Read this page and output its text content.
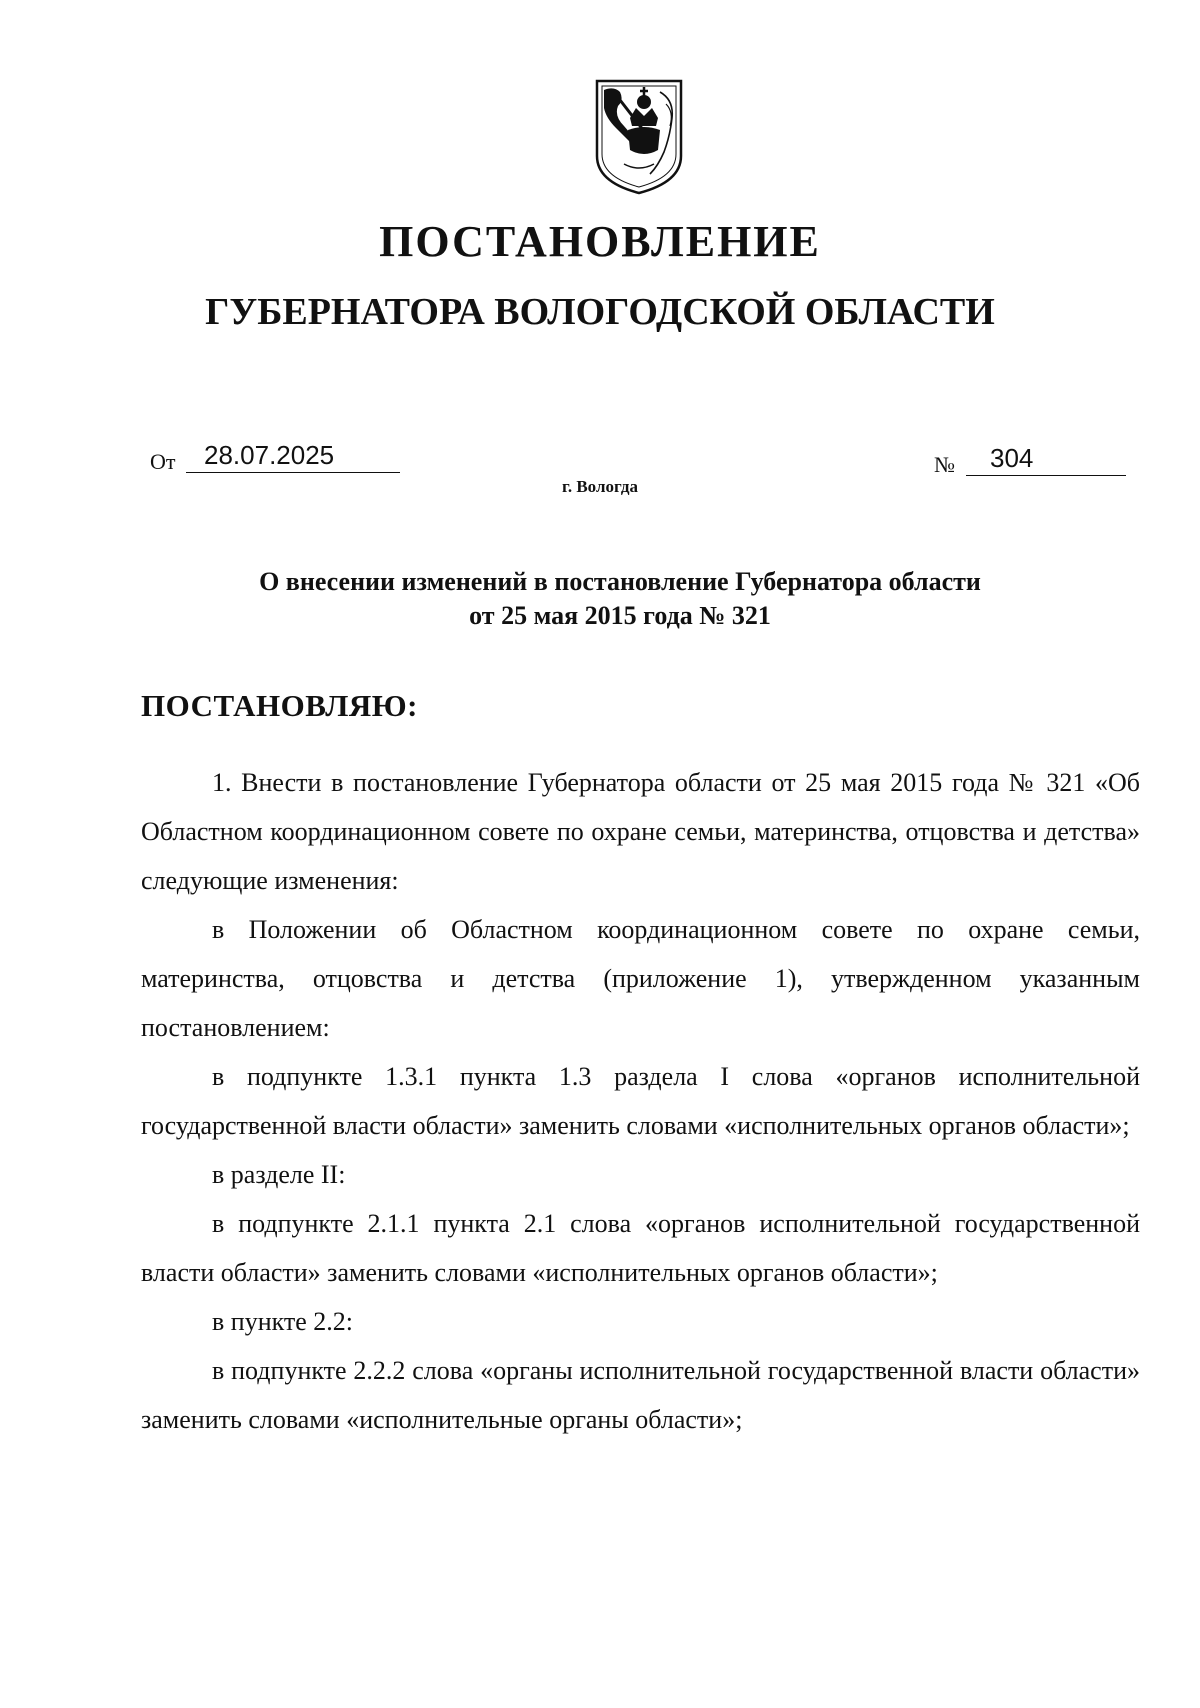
ПОСТАНОВЛЕНИЕ
ГУБЕРНАТОРА ВОЛОГОДСКОЙ ОБЛАСТИ
От	28.07.2025	№	304
г. Вологда
О внесении изменений в постановление Губернатора области
от 25 мая 2015 года № 321
ПОСТАНОВЛЯЮ:

1. Внести в постановление Губернатора области от 25 мая 2015 года № 321 «Об Областном координационном совете по охране семьи, материнства, отцовства и детства» следующие изменения:

в Положении об Областном координационном совете по охране семьи, материнства, отцовства и детства (приложение 1), утвержденном указанным постановлением:

в подпункте 1.3.1 пункта 1.3 раздела I слова «органов исполнительной государственной власти области» заменить словами «исполнительных органов области»;

в разделе II:

в подпункте 2.1.1 пункта 2.1 слова «органов исполнительной государственной власти области» заменить словами «исполнительных органов области»;

в пункте 2.2:

в подпункте 2.2.2 слова «органы исполнительной государственной власти области» заменить словами «исполнительные органы области»;
